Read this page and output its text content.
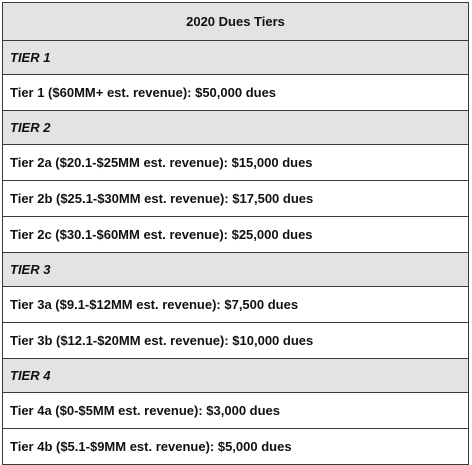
2020 Dues Tiers
TIER 1
Tier 1 ($60MM+ est. revenue): $50,000 dues
TIER 2
Tier 2a ($20.1-$25MM est. revenue): $15,000 dues
Tier 2b ($25.1-$30MM est. revenue): $17,500 dues
Tier 2c ($30.1-$60MM est. revenue): $25,000 dues
TIER 3
Tier 3a ($9.1-$12MM est. revenue): $7,500 dues
Tier 3b ($12.1-$20MM est. revenue): $10,000 dues
TIER 4
Tier 4a ($0-$5MM est. revenue): $3,000 dues
Tier 4b ($5.1-$9MM est. revenue): $5,000 dues
